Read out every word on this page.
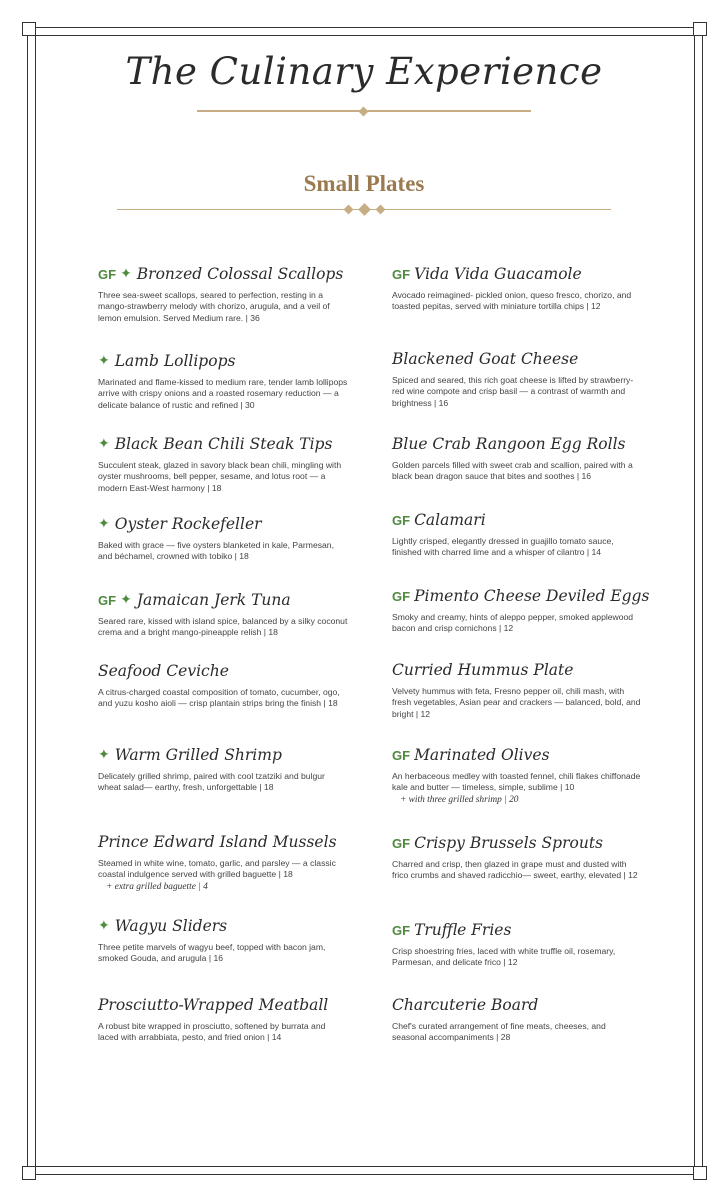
The Culinary Experience
Small Plates
GF ✦ Bronzed Colossal Scallops
Three sea-sweet scallops, seared to perfection, resting in a mango-strawberry melody with chorizo, arugula, and a veil of lemon emulsion. Served Medium rare. | 36
✦ Lamb Lollipops
Marinated and flame-kissed to medium rare, tender lamb lollipops arrive with crispy onions and a roasted rosemary reduction — a delicate balance of rustic and refined | 30
✦ Black Bean Chili Steak Tips
Succulent steak, glazed in savory black bean chili, mingling with oyster mushrooms, bell pepper, sesame, and lotus root — a modern East-West harmony | 18
✦ Oyster Rockefeller
Baked with grace — five oysters blanketed in kale, Parmesan, and béchamel, crowned with tobiko | 18
GF ✦ Jamaican Jerk Tuna
Seared rare, kissed with island spice, balanced by a silky coconut crema and a bright mango-pineapple relish | 18
Seafood Ceviche
A citrus-charged coastal composition of tomato, cucumber, ogo, and yuzu kosho aioli — crisp plantain strips bring the finish | 18
✦ Warm Grilled Shrimp
Delicately grilled shrimp, paired with cool tzatziki and bulgur wheat salad— earthy, fresh, unforgettable | 18
Prince Edward Island Mussels
Steamed in white wine, tomato, garlic, and parsley — a classic coastal indulgence served with grilled baguette | 18
+ extra grilled baguette | 4
✦ Wagyu Sliders
Three petite marvels of wagyu beef, topped with bacon jam, smoked Gouda, and arugula | 16
Prosciutto-Wrapped Meatball
A robust bite wrapped in prosciutto, softened by burrata and laced with arrabbiata, pesto, and fried onion | 14
GF Vida Vida Guacamole
Avocado reimagined- pickled onion, queso fresco, chorizo, and toasted pepitas, served with miniature tortilla chips | 12
Blackened Goat Cheese
Spiced and seared, this rich goat cheese is lifted by strawberry-red wine compote and crisp basil — a contrast of warmth and brightness | 16
Blue Crab Rangoon Egg Rolls
Golden parcels filled with sweet crab and scallion, paired with a black bean dragon sauce that bites and soothes | 16
GF Calamari
Lightly crisped, elegantly dressed in guajillo tomato sauce, finished with charred lime and a whisper of cilantro | 14
GF Pimento Cheese Deviled Eggs
Smoky and creamy, hints of aleppo pepper, smoked applewood bacon and crisp cornichons | 12
Curried Hummus Plate
Velvety hummus with feta, Fresno pepper oil, chili mash, with fresh vegetables, Asian pear and crackers — balanced, bold, and bright | 12
GF Marinated Olives
An herbaceous medley with toasted fennel, chili flakes chiffonade kale and butter — timeless, simple, sublime | 10
+ with three grilled shrimp | 20
GF Crispy Brussels Sprouts
Charred and crisp, then glazed in grape must and dusted with frico crumbs and shaved radicchio— sweet, earthy, elevated | 12
GF Truffle Fries
Crisp shoestring fries, laced with white truffle oil, rosemary, Parmesan, and delicate frico | 12
Charcuterie Board
Chef's curated arrangement of fine meats, cheeses, and seasonal accompaniments | 28
